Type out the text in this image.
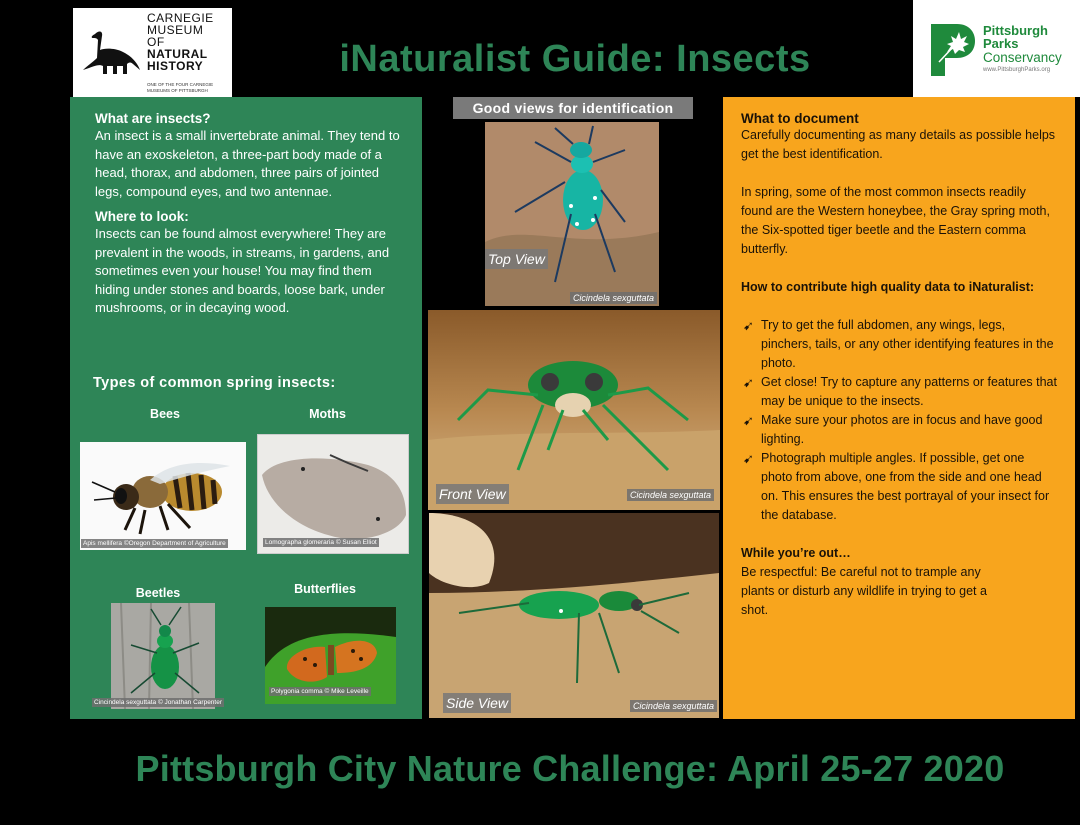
CARNEGIE
MUSEUM OF
NATURAL
HISTORY
ONE OF THE FOUR CARNEGIE MUSEUMS OF PITTSBURGH
iNaturalist Guide: Insects
Pittsburgh
Parks
Conservancy
www.PittsburghParks.org
What are insects?
An insect is a small invertebrate animal. They tend to have an exoskeleton, a three-part body made of a head, thorax, and abdomen, three pairs of jointed legs, compound eyes, and two antennae.
Where to look:
Insects can be found almost everywhere! They are prevalent in the woods, in streams, in gardens, and sometimes even your house! You may find them hiding under stones and boards, loose bark, under mushrooms, or in decaying wood.
Types of common spring insects:
Bees
Apis mellifera ©Oregon Department of Agriculture
Moths
Lomographa glomeraria © Susan Elliot
Beetles
Cincindela sexguttata © Jonathan Carpenter
Butterflies
Polygonia comma © Mike Leveille
Good views for identification
Top View
Cicindela sexguttata
Front View	Cicindela sexguttata
Side View	Cicindela sexguttata
What to document
Carefully documenting as many details as possible helps get the best identification.
In spring, some of the most common insects readily found are the Western honeybee, the Gray spring moth, the Six-spotted tiger beetle and the Eastern comma butterfly.
How to contribute high quality data to iNaturalist:
➹ Try to get the full abdomen, any wings, legs, pinchers, tails, or any other identifying features in the photo.
➹ Get close! Try to capture any patterns or features that may be unique to the insects.
➹ Make sure your photos are in focus and have good lighting.
➹ Photograph multiple angles. If possible, get one photo from above, one from the side and one head on. This ensures the best portrayal of your insect for the database.
While you’re out…
Be respectful: Be careful not to trample any plants or disturb any wildlife in trying to get a shot.
Pittsburgh City Nature Challenge: April 25-27 2020
